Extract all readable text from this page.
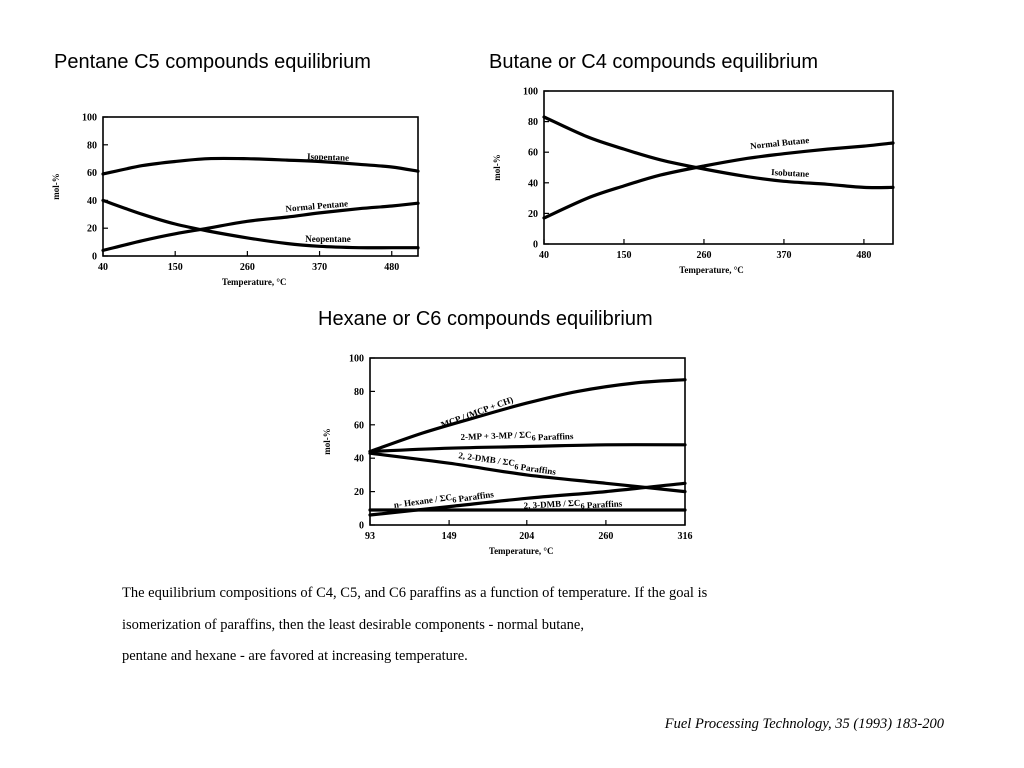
Pentane C5 compounds equilibrium	Butane or C4 compounds equilibrium
Hexane or C6 compounds equilibrium
0
20
40
60
80
100
40	150	260	370	480
Temperature, °C
mol-%
Isopentane
Normal Pentane
Neopentane
0
20
40
60
80
100
40	150	260	370	480
Temperature, °C
mol-%
Normal Butane
Isobutane
0
20
40
60
80
100
93	149	204	260	316
Temperature, °C
mol-%
MCP / (MCP + CH)
2-MP + 3-MP / ΣC6 Paraffins
2, 2-DMB / ΣC6 Paraffins
n- Hexane / ΣC6 Paraffins
2, 3-DMB / ΣC6 Paraffins

The equilibrium compositions of C4, C5, and C6 paraffins as a function of temperature. If the goal is

isomerization of paraffins, then the least desirable components - normal butane,

pentane and hexane - are favored at increasing temperature.

Fuel Processing Technology, 35 (1993) 183-200
